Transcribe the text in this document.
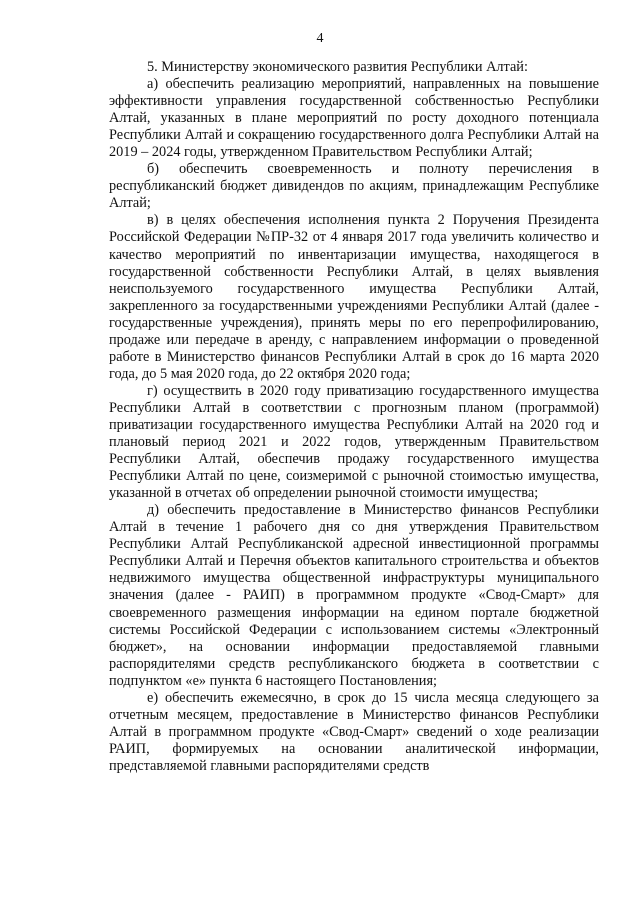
4

5. Министерству экономического развития Республики Алтай:

а) обеспечить реализацию мероприятий, направленных на повышение эффективности управления государственной собственностью Республики Алтай, указанных в плане мероприятий по росту доходного потенциала Республики Алтай и сокращению государственного долга Республики Алтай на 2019 – 2024 годы, утвержденном Правительством Республики Алтай;

б) обеспечить своевременность и полноту перечисления в республиканский бюджет дивидендов по акциям, принадлежащим Республике Алтай;

в) в целях обеспечения исполнения пункта 2 Поручения Президента Российской Федерации №ПР-32 от 4 января 2017 года увеличить количество и качество мероприятий по инвентаризации имущества, находящегося в государственной собственности Республики Алтай, в целях выявления неиспользуемого государственного имущества Республики Алтай, закрепленного за государственными учреждениями Республики Алтай (далее - государственные учреждения), принять меры по его перепрофилированию, продаже или передаче в аренду, с направлением информации о проведенной работе в Министерство финансов Республики Алтай в срок до 16 марта 2020 года, до 5 мая 2020 года, до 22 октября 2020 года;

г) осуществить в 2020 году приватизацию государственного имущества Республики Алтай в соответствии с прогнозным планом (программой) приватизации государственного имущества Республики Алтай на 2020 год и плановый период 2021 и 2022 годов, утвержденным Правительством Республики Алтай, обеспечив продажу государственного имущества Республики Алтай по цене, соизмеримой с рыночной стоимостью имущества, указанной в отчетах об определении рыночной стоимости имущества;

д) обеспечить предоставление в Министерство финансов Республики Алтай в течение 1 рабочего дня со дня утверждения Правительством Республики Алтай Республиканской адресной инвестиционной программы Республики Алтай и Перечня объектов капитального строительства и объектов недвижимого имущества общественной инфраструктуры муниципального значения (далее - РАИП) в программном продукте «Свод-Смарт» для своевременного размещения информации на едином портале бюджетной системы Российской Федерации с использованием системы «Электронный бюджет», на основании информации предоставляемой главными распорядителями средств республиканского бюджета в соответствии с подпунктом «е» пункта 6 настоящего Постановления;

е) обеспечить ежемесячно, в срок до 15 числа месяца следующего за отчетным месяцем, предоставление в Министерство финансов Республики Алтай в программном продукте «Свод-Смарт» сведений о ходе реализации РАИП, формируемых на основании аналитической информации, представляемой главными распорядителями средств
